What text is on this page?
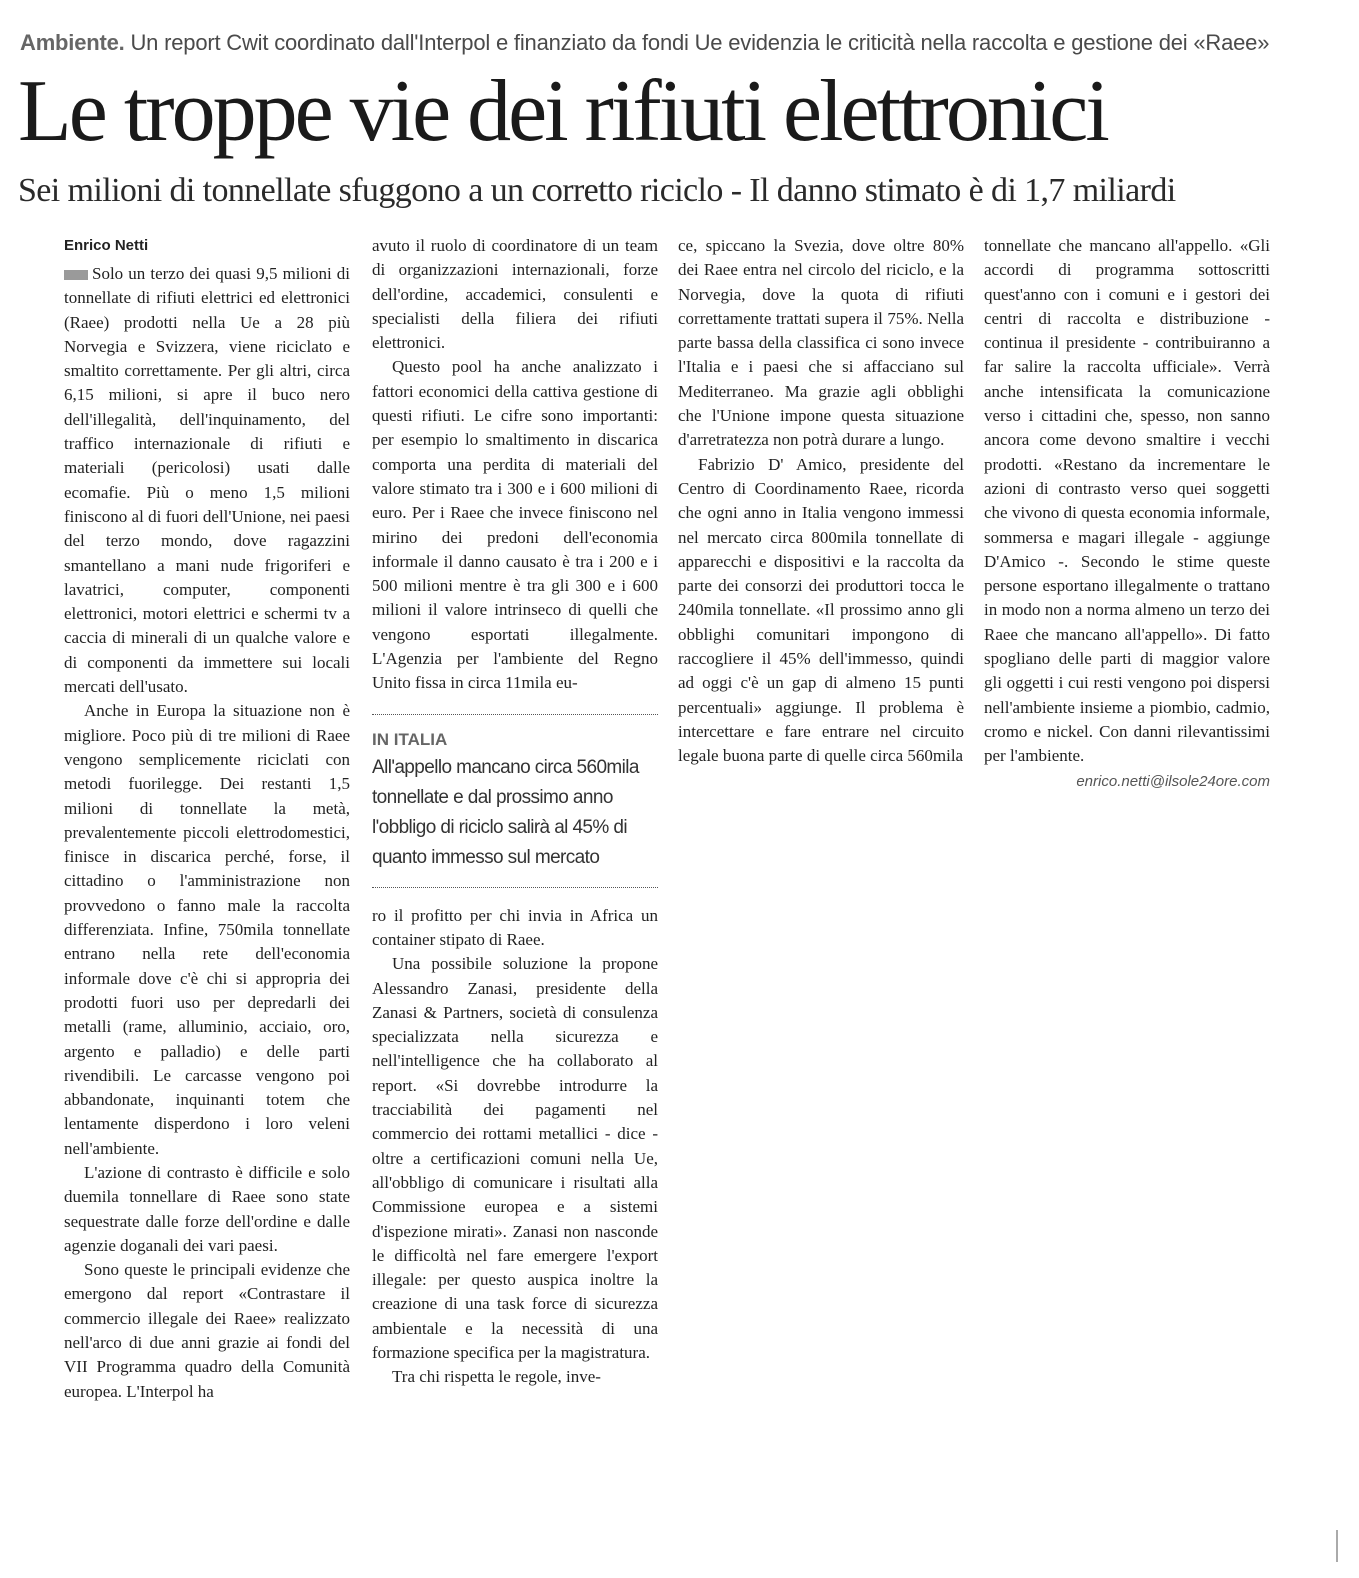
Ambiente. Un report Cwit coordinato dall'Interpol e finanziato da fondi Ue evidenzia le criticità nella raccolta e gestione dei «Raee»
Le troppe vie dei rifiuti elettronici
Sei milioni di tonnellate sfuggono a un corretto riciclo - Il danno stimato è di 1,7 miliardi
Enrico Netti

Solo un terzo dei quasi 9,5 milioni di tonnellate di rifiuti elettrici ed elettronici (Raee) prodotti nella Ue a 28 più Norvegia e Svizzera, viene riciclato e smaltito correttamente. Per gli altri, circa 6,15 milioni, si apre il buco nero dell'illegalità, dell'inquinamento, del traffico internazionale di rifiuti e materiali (pericolosi) usati dalle ecomafie. Più o meno 1,5 milioni finiscono al di fuori dell'Unione, nei paesi del terzo mondo, dove ragazzini smantellano a mani nude frigoriferi e lavatrici, computer, componenti elettronici, motori elettrici e schermi tv a caccia di minerali di un qualche valore e di componenti da immettere sui locali mercati dell'usato.

Anche in Europa la situazione non è migliore. Poco più di tre milioni di Raee vengono semplicemente riciclati con metodi fuorilegge. Dei restanti 1,5 milioni di tonnellate la metà, prevalentemente piccoli elettrodomestici, finisce in discarica perché, forse, il cittadino o l'amministrazione non provvedono o fanno male la raccolta differenziata. Infine, 750mila tonnellate entrano nella rete dell'economia informale dove c'è chi si appropria dei prodotti fuori uso per depredarli dei metalli (rame, alluminio, acciaio, oro, argento e palladio) e delle parti rivendibili. Le carcasse vengono poi abbandonate, inquinanti totem che lentamente disperdono i loro veleni nell'ambiente.

L'azione di contrasto è difficile e solo duemila tonnellare di Raee sono state sequestrate dalle forze dell'ordine e dalle agenzie doganali dei vari paesi.

Sono queste le principali evidenze che emergono dal report «Contrastare il commercio illegale dei Raee» realizzato nell'arco di due anni grazie ai fondi del VII Programma quadro della Comunità europea. L'Interpol ha

avuto il ruolo di coordinatore di un team di organizzazioni internazionali, forze dell'ordine, accademici, consulenti e specialisti della filiera dei rifiuti elettronici.

Questo pool ha anche analizzato i fattori economici della cattiva gestione di questi rifiuti. Le cifre sono importanti: per esempio lo smaltimento in discarica comporta una perdita di materiali del valore stimato tra i 300 e i 600 milioni di euro. Per i Raee che invece finiscono nel mirino dei predoni dell'economia informale il danno causato è tra i 200 e i 500 milioni mentre è tra gli 300 e i 600 milioni il valore intrinseco di quelli che vengono esportati illegalmente. L'Agenzia per l'ambiente del Regno Unito fissa in circa 11mila eu-

IN ITALIA
All'appello mancano circa 560mila tonnellate e dal prossimo anno l'obbligo di riciclo salirà al 45% di quanto immesso sul mercato

ro il profitto per chi invia in Africa un container stipato di Raee.

Una possibile soluzione la propone Alessandro Zanasi, presidente della Zanasi & Partners, società di consulenza specializzata nella sicurezza e nell'intelligence che ha collaborato al report. «Si dovrebbe introdurre la tracciabilità dei pagamenti nel commercio dei rottami metallici - dice - oltre a certificazioni comuni nella Ue, all'obbligo di comunicare i risultati alla Commissione europea e a sistemi d'ispezione mirati». Zanasi non nasconde le difficoltà nel fare emergere l'export illegale: per questo auspica inoltre la creazione di una task force di sicurezza ambientale e la necessità di una formazione specifica per la magistratura.

Tra chi rispetta le regole, inve-

ce, spiccano la Svezia, dove oltre 80% dei Raee entra nel circolo del riciclo, e la Norvegia, dove la quota di rifiuti correttamente trattati supera il 75%. Nella parte bassa della classifica ci sono invece l'Italia e i paesi che si affacciano sul Mediterraneo. Ma grazie agli obblighi che l'Unione impone questa situazione d'arretratezza non potrà durare a lungo.

Fabrizio D' Amico, presidente del Centro di Coordinamento Raee, ricorda che ogni anno in Italia vengono immessi nel mercato circa 800mila tonnellate di apparecchi e dispositivi e la raccolta da parte dei consorzi dei produttori tocca le 240mila tonnellate. «Il prossimo anno gli obblighi comunitari impongono di raccogliere il 45% dell'immesso, quindi ad oggi c'è un gap di almeno 15 punti percentuali» aggiunge. Il problema è intercettare e fare entrare nel circuito legale buona parte di quelle circa 560mila

tonnellate che mancano all'appello. «Gli accordi di programma sottoscritti quest'anno con i comuni e i gestori dei centri di raccolta e distribuzione - continua il presidente - contribuiranno a far salire la raccolta ufficiale». Verrà anche intensificata la comunicazione verso i cittadini che, spesso, non sanno ancora come devono smaltire i vecchi prodotti. «Restano da incrementare le azioni di contrasto verso quei soggetti che vivono di questa economia informale, sommersa e magari illegale - aggiunge D'Amico -. Secondo le stime queste persone esportano illegalmente o trattano in modo non a norma almeno un terzo dei Raee che mancano all'appello». Di fatto spogliano delle parti di maggior valore gli oggetti i cui resti vengono poi dispersi nell'ambiente insieme a piombio, cadmio, cromo e nickel. Con danni rilevantissimi per l'ambiente.

enrico.netti@ilsole24ore.com
